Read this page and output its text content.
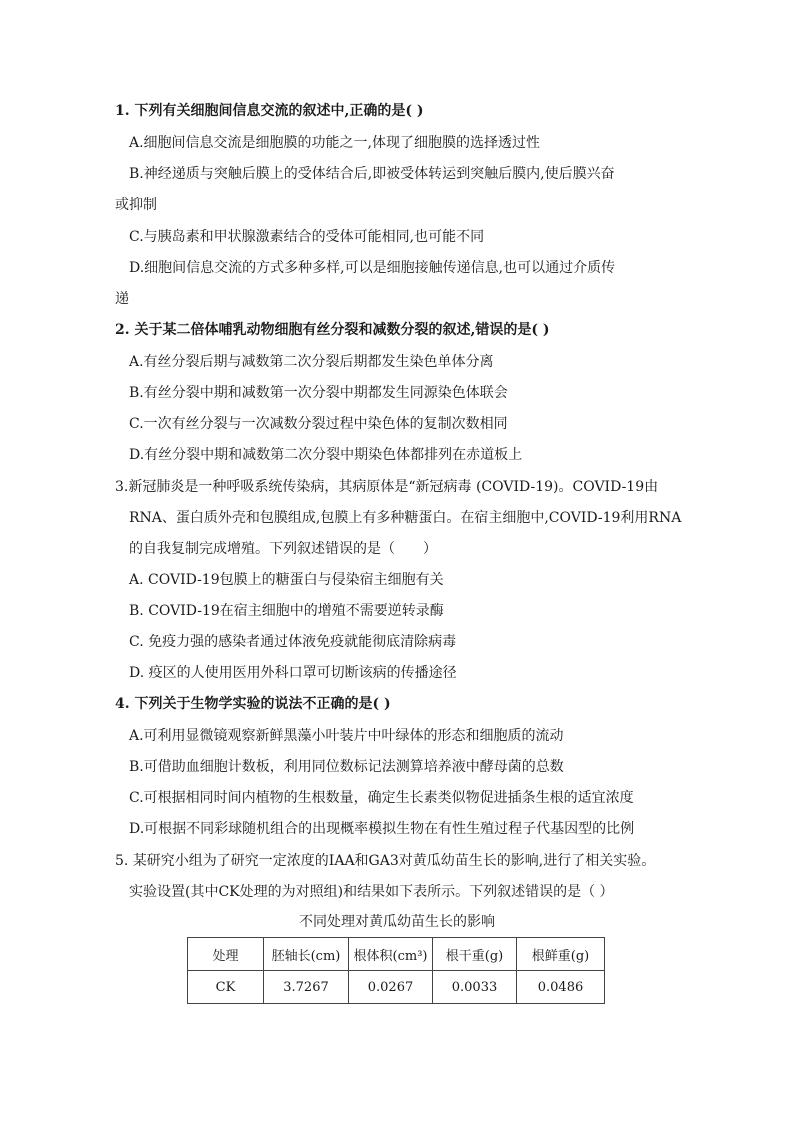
1. 下列有关细胞间信息交流的叙述中,正确的是( )
A.细胞间信息交流是细胞膜的功能之一,体现了细胞膜的选择透过性
B.神经递质与突触后膜上的受体结合后,即被受体转运到突触后膜内,使后膜兴奋
或抑制
C.与胰岛素和甲状腺激素结合的受体可能相同,也可能不同
D.细胞间信息交流的方式多种多样,可以是细胞接触传递信息,也可以通过介质传
递
2. 关于某二倍体哺乳动物细胞有丝分裂和减数分裂的叙述,错误的是( )
A.有丝分裂后期与减数第二次分裂后期都发生染色单体分离
B.有丝分裂中期和减数第一次分裂中期都发生同源染色体联会
C.一次有丝分裂与一次减数分裂过程中染色体的复制次数相同
D.有丝分裂中期和减数第二次分裂中期染色体都排列在赤道板上
3.新冠肺炎是一种呼吸系统传染病，其病原体是“新冠病毒 (COVID-19)。COVID-19由
RNA、蛋白质外壳和包膜组成,包膜上有多种糖蛋白。在宿主细胞中,COVID-19利用RNA
的自我复制完成增殖。下列叙述错误的是（　　）
A. COVID-19包膜上的糖蛋白与侵染宿主细胞有关
B. COVID-19在宿主细胞中的增殖不需要逆转录酶
C. 免疫力强的感染者通过体液免疫就能彻底清除病毒
D. 疫区的人使用医用外科口罩可切断该病的传播途径
4. 下列关于生物学实验的说法不正确的是( )
A.可利用显微镜观察新鲜黑藻小叶装片中叶绿体的形态和细胞质的流动
B.可借助血细胞计数板，利用同位数标记法测算培养液中酵母菌的总数
C.可根据相同时间内植物的生根数量，确定生长素类似物促进插条生根的适宜浓度
D.可根据不同彩球随机组合的出现概率模拟生物在有性生殖过程子代基因型的比例
5. 某研究小组为了研究一定浓度的IAA和GA3对黄瓜幼苗生长的影响,进行了相关实验。
实验设置(其中CK处理的为对照组)和结果如下表所示。下列叙述错误的是（ ）
不同处理对黄瓜幼苗生长的影响
处理	胚轴长(cm)	根体积(cm³)	根干重(g)	根鲜重(g)
CK	3.7267	0.0267	0.0033	0.0486
